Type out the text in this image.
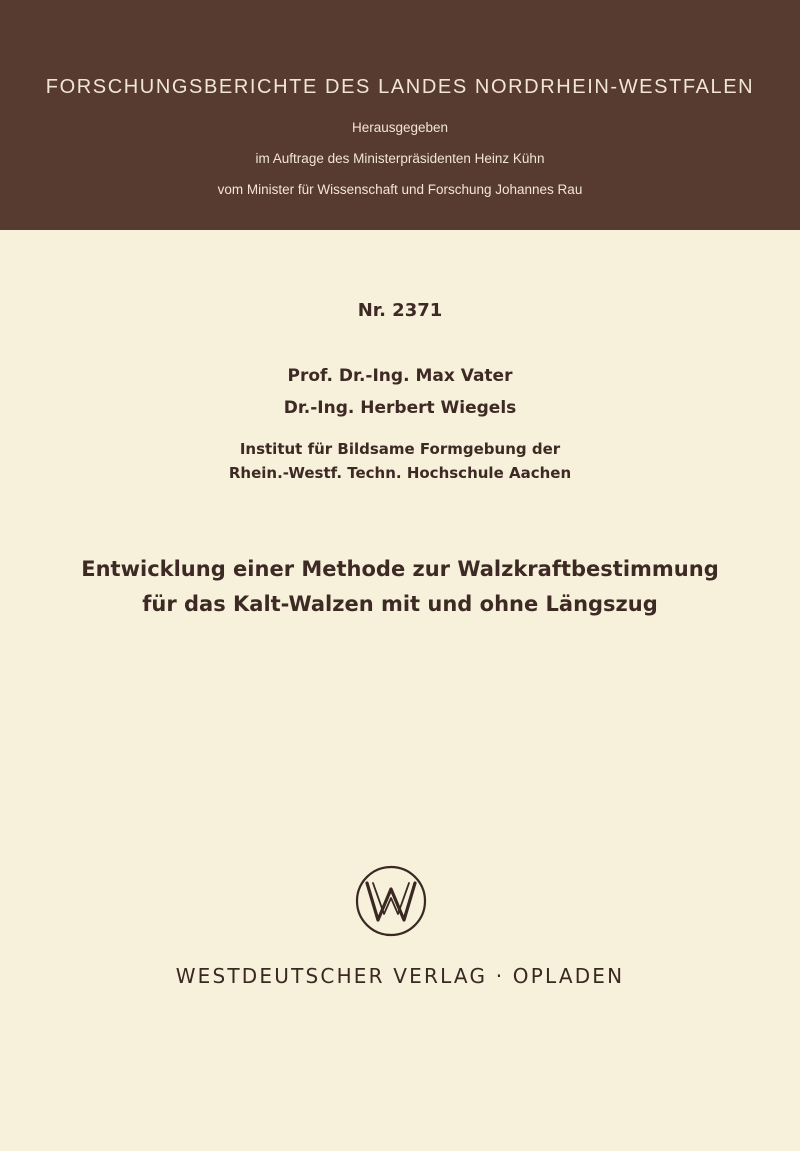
FORSCHUNGSBERICHTE DES LANDES NORDRHEIN-WESTFALEN
Herausgegeben
im Auftrage des Ministerpräsidenten Heinz Kühn
vom Minister für Wissenschaft und Forschung Johannes Rau
Nr. 2371
Prof. Dr.-Ing. Max Vater
Dr.-Ing. Herbert Wiegels
Institut für Bildsame Formgebung der
Rhein.-Westf. Techn. Hochschule Aachen
Entwicklung einer Methode zur Walzkraftbestimmung
für das Kalt-Walzen mit und ohne Längszug
WESTDEUTSCHER VERLAG · OPLADEN
